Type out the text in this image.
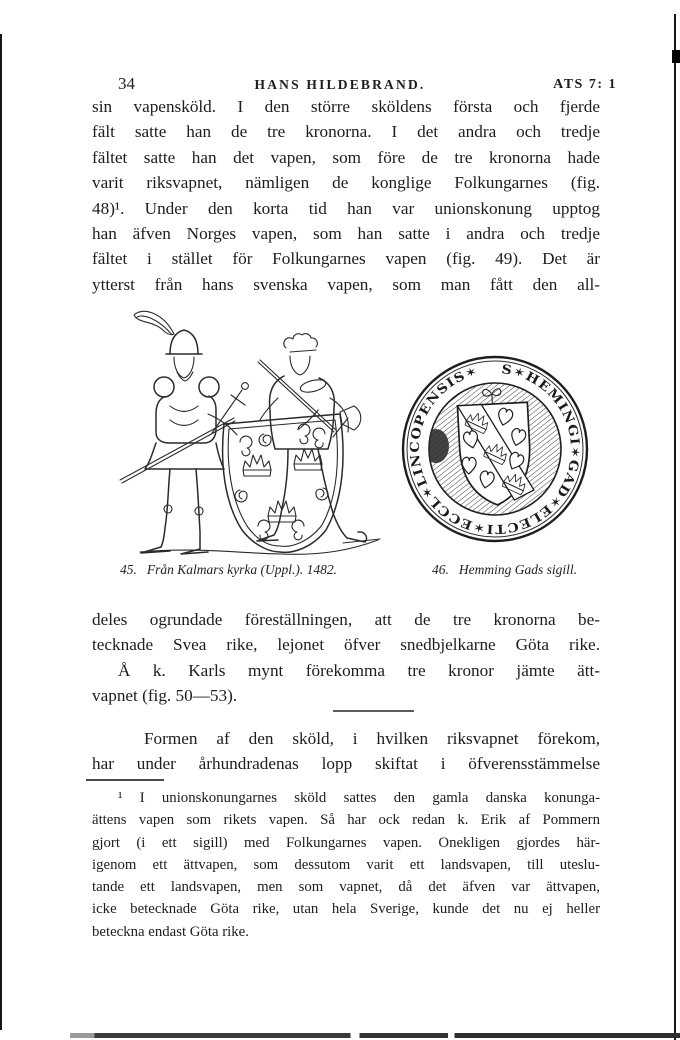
34	HANS HILDEBRAND.	ATS 7: 1
sin vapensköld. I den större sköldens första och fjerde
fält satte han de tre kronorna. I det andra och tredje
fältet satte han det vapen, som före de tre kronorna hade
varit riksvapnet, nämligen de konglige Folkungarnes (fig.
48)¹. Under den korta tid han var unionskonung upptog
han äfven Norges vapen, som han satte i andra och tredje
fältet i stället för Folkungarnes vapen (fig. 49). Det är
ytterst från hans svenska vapen, som man fått den all-
S✶HEMINGI✶GAD✶ELECTI✶ECCL✶LINCOPENSIS✶
45. Från Kalmars kyrka (Uppl.). 1482.	46. Hemming Gads sigill.
deles ogrundade föreställningen, att de tre kronorna be-
tecknade Svea rike, lejonet öfver snedbjelkarne Göta rike.
Å k. Karls mynt förekomma tre kronor jämte ätt-
vapnet (fig. 50—53).
Formen af den sköld, i hvilken riksvapnet förekom,
har under århundradenas lopp skiftat i öfverensstämmelse
¹ I unionskonungarnes sköld sattes den gamla danska konunga-
ättens vapen som rikets vapen. Så har ock redan k. Erik af Pommern
gjort (i ett sigill) med Folkungarnes vapen. Onekligen gjordes här-
igenom ett ättvapen, som dessutom varit ett landsvapen, till uteslu-
tande ett landsvapen, men som vapnet, då det äfven var ättvapen,
icke betecknade Göta rike, utan hela Sverige, kunde det nu ej heller
beteckna endast Göta rike.
